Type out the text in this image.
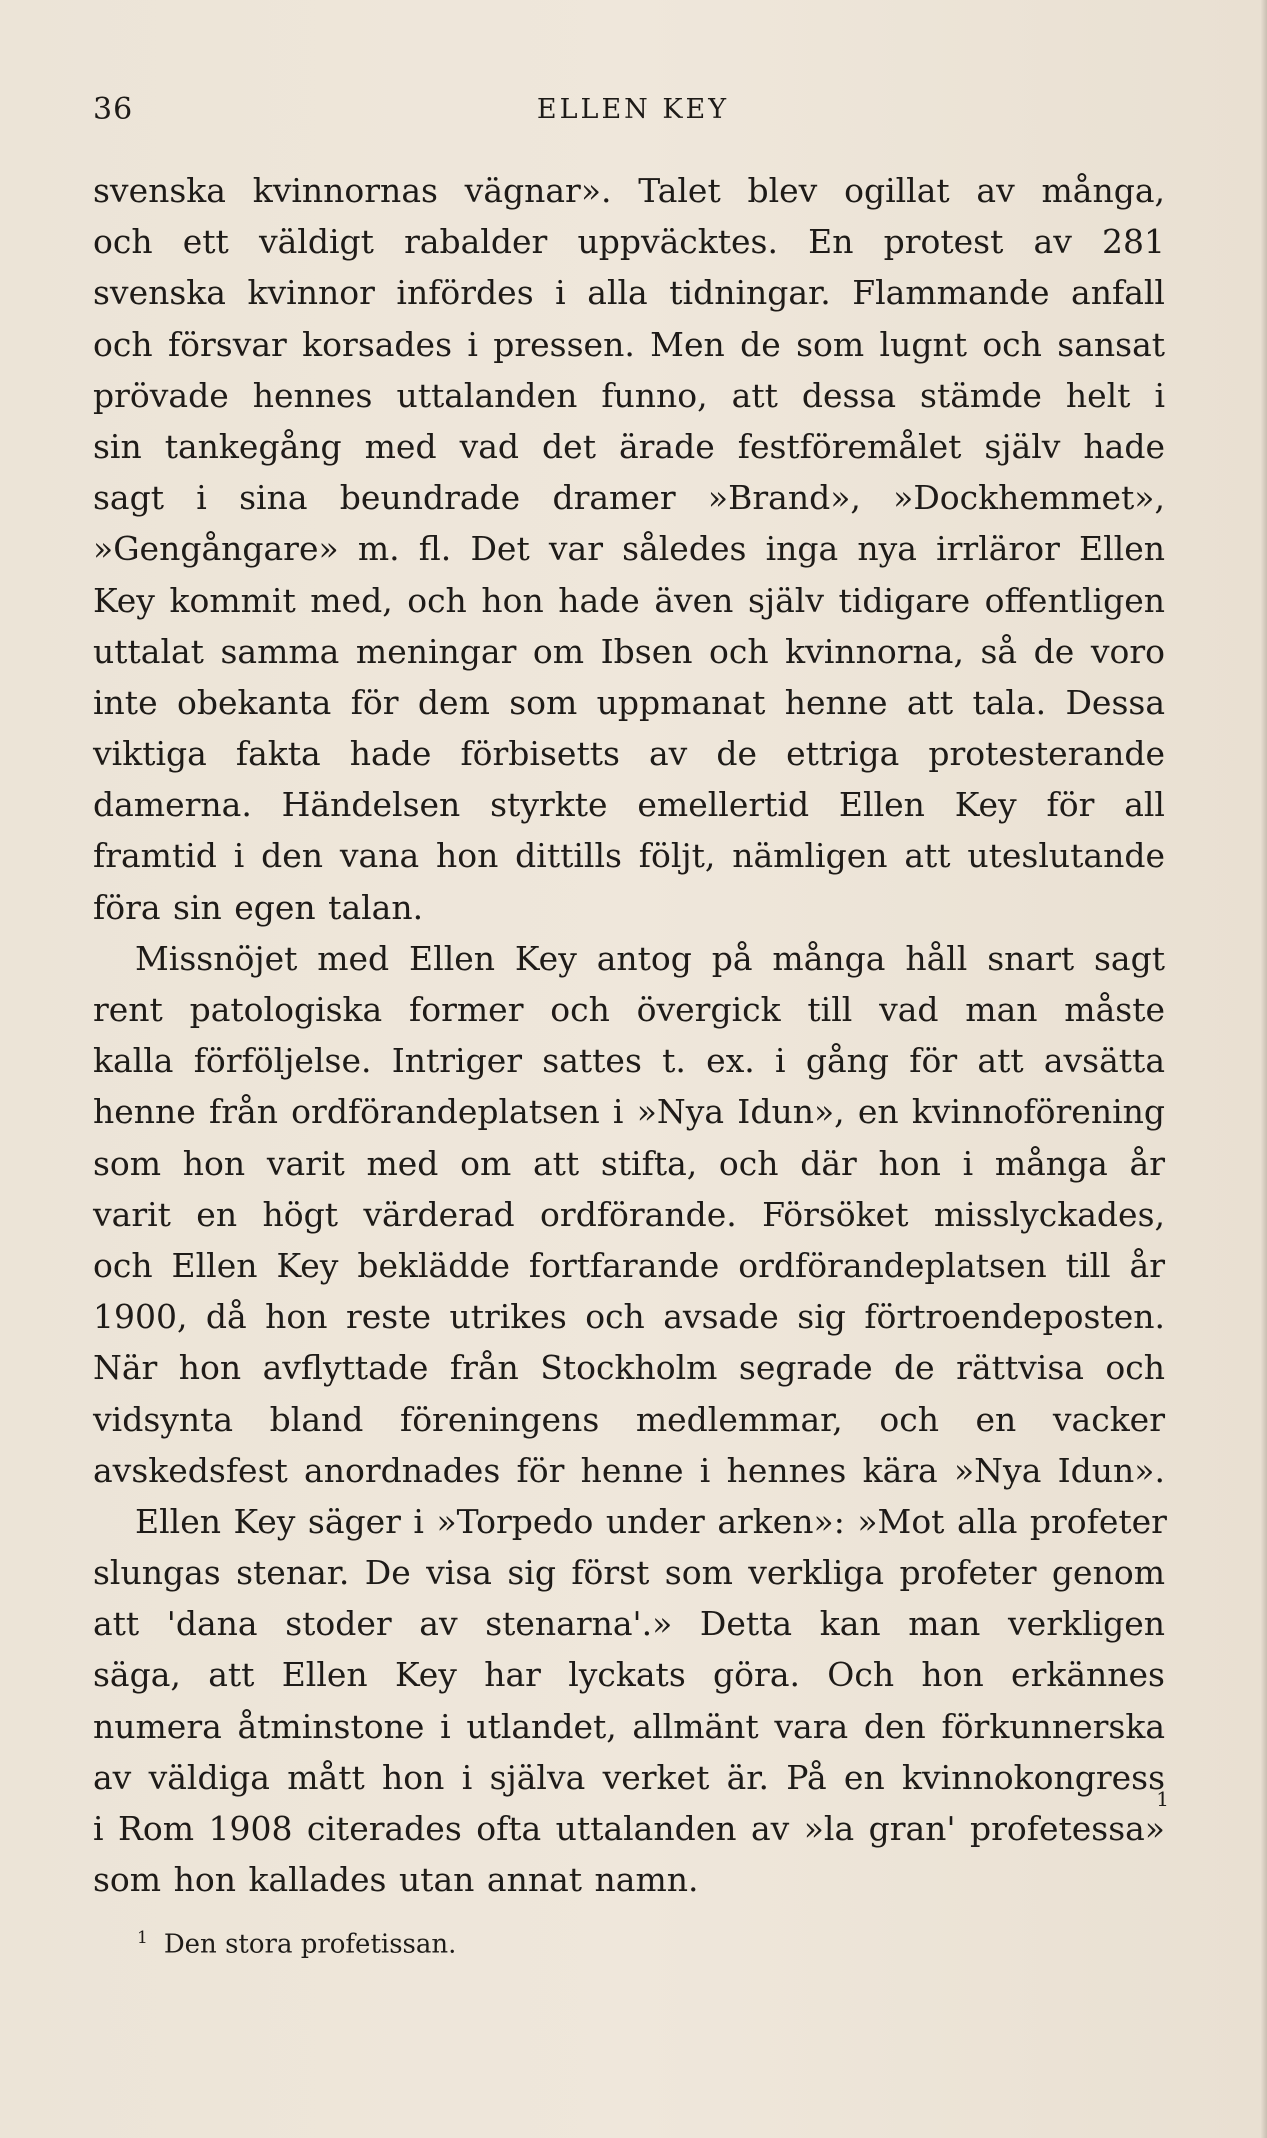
36	ELLEN KEY
svenska kvinnornas vägnar». Talet blev ogillat av många,
och ett väldigt rabalder uppväcktes. En protest av 281
svenska kvinnor infördes i alla tidningar. Flammande anfall
och försvar korsades i pressen. Men de som lugnt och sansat
prövade hennes uttalanden funno, att dessa stämde helt i
sin tankegång med vad det ärade festföremålet själv hade
sagt i sina beundrade dramer »Brand», »Dockhemmet»,
»Gengångare» m. fl. Det var således inga nya irrläror Ellen
Key kommit med, och hon hade även själv tidigare offentligen
uttalat samma meningar om Ibsen och kvinnorna, så de voro
inte obekanta för dem som uppmanat henne att tala. Dessa
viktiga fakta hade förbisetts av de ettriga protesterande
damerna. Händelsen styrkte emellertid Ellen Key för all
framtid i den vana hon dittills följt, nämligen att uteslutande
föra sin egen talan.
Missnöjet med Ellen Key antog på många håll snart sagt
rent patologiska former och övergick till vad man måste
kalla förföljelse. Intriger sattes t. ex. i gång för att avsätta
henne från ordförandeplatsen i »Nya Idun», en kvinnoförening
som hon varit med om att stifta, och där hon i många år
varit en högt värderad ordförande. Försöket misslyckades,
och Ellen Key beklädde fortfarande ordförandeplatsen till år
1900, då hon reste utrikes och avsade sig förtroendeposten.
När hon avflyttade från Stockholm segrade de rättvisa och
vidsynta bland föreningens medlemmar, och en vacker
avskedsfest anordnades för henne i hennes kära »Nya Idun».
Ellen Key säger i »Torpedo under arken»: »Mot alla profeter
slungas stenar. De visa sig först som verkliga profeter genom
att 'dana stoder av stenarna'.» Detta kan man verkligen
säga, att Ellen Key har lyckats göra. Och hon erkännes
numera åtminstone i utlandet, allmänt vara den förkunnerska
av väldiga mått hon i själva verket är. På en kvinnokongress
i Rom 1908 citerades ofta uttalanden av »la gran' profetessa»
1
som hon kallades utan annat namn.
1 Den stora profetissan.
